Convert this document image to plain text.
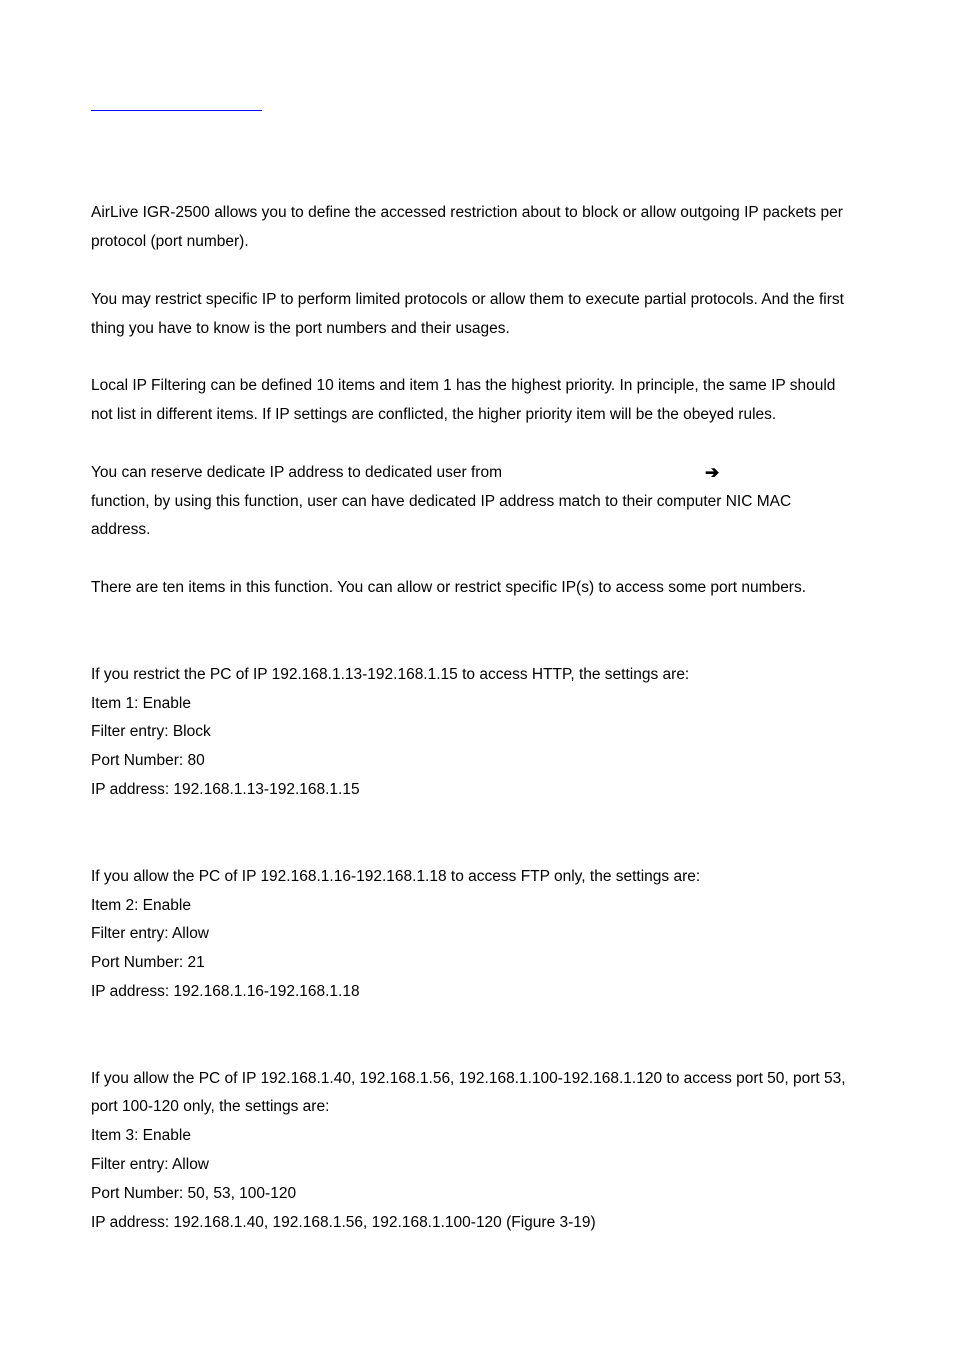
AirLive IGR-2500 allows you to define the accessed restriction about to block or allow outgoing IP packets per
protocol (port number).
You may restrict specific IP to perform limited protocols or allow them to execute partial protocols. And the first
thing you have to know is the port numbers and their usages.
Local IP Filtering can be defined 10 items and item 1 has the highest priority. In principle, the same IP should
not list in different items. If IP settings are conflicted, the higher priority item will be the obeyed rules.
You can reserve dedicate IP address to dedicated user from	➔
function, by using this function, user can have dedicated IP address match to their computer NIC MAC
address.
There are ten items in this function. You can allow or restrict specific IP(s) to access some port numbers.
If you restrict the PC of IP 192.168.1.13-192.168.1.15 to access HTTP, the settings are:
Item 1: Enable
Filter entry: Block
Port Number: 80
IP address: 192.168.1.13-192.168.1.15
If you allow the PC of IP 192.168.1.16-192.168.1.18 to access FTP only, the settings are:
Item 2: Enable
Filter entry: Allow
Port Number: 21
IP address: 192.168.1.16-192.168.1.18
If you allow the PC of IP 192.168.1.40, 192.168.1.56, 192.168.1.100-192.168.1.120 to access port 50, port 53,
port 100-120 only, the settings are:
Item 3: Enable
Filter entry: Allow
Port Number: 50, 53, 100-120
IP address: 192.168.1.40, 192.168.1.56, 192.168.1.100-120 (Figure 3-19)
